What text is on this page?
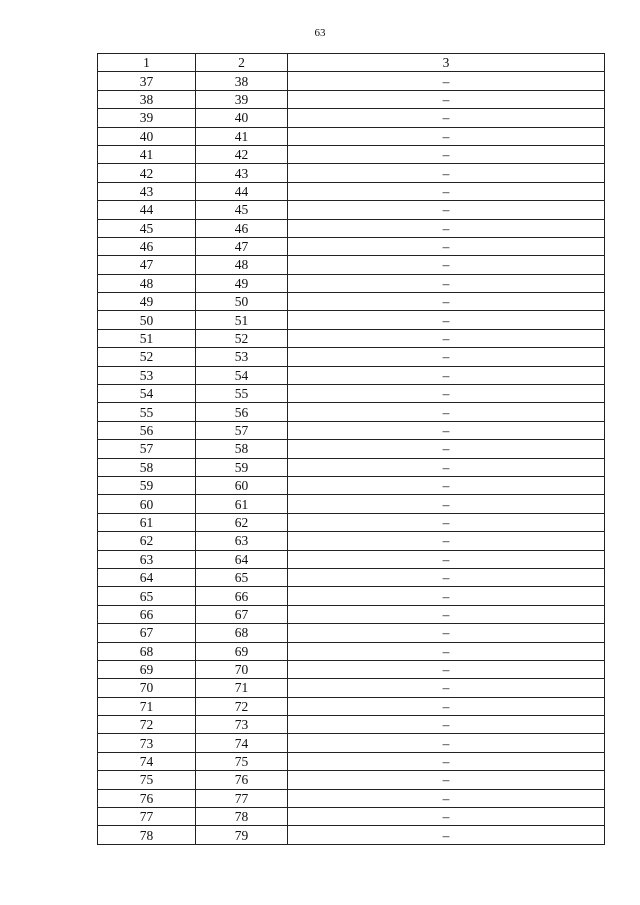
63
1	2	3
37	38	–
38	39	–
39	40	–
40	41	–
41	42	–
42	43	–
43	44	–
44	45	–
45	46	–
46	47	–
47	48	–
48	49	–
49	50	–
50	51	–
51	52	–
52	53	–
53	54	–
54	55	–
55	56	–
56	57	–
57	58	–
58	59	–
59	60	–
60	61	–
61	62	–
62	63	–
63	64	–
64	65	–
65	66	–
66	67	–
67	68	–
68	69	–
69	70	–
70	71	–
71	72	–
72	73	–
73	74	–
74	75	–
75	76	–
76	77	–
77	78	–
78	79	–
